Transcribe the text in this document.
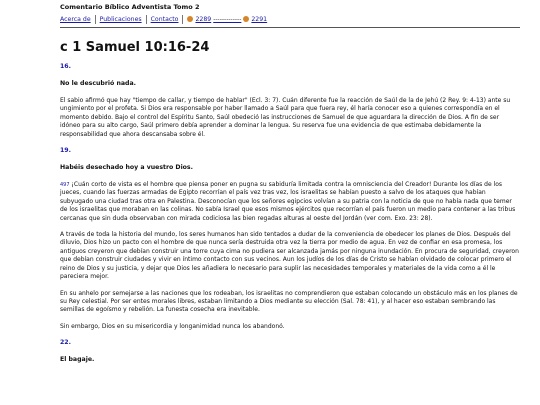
Comentario Bíblico Adventista Tomo 2
Acerca de	Publicaciones	Contacto	2289 ------------- 2291
c 1 Samuel 10:16-24
16.
No le descubrió nada.

El sabio afirmó que hay "tiempo de callar, y tiempo de hablar" (Ecl. 3: 7). Cuán diferente fue la reacción de Saúl de la de Jehú (2 Rey. 9: 4-13) ante su ungimiento por el profeta. Si Dios era responsable por haber llamado a Saúl para que fuera rey, él haría conocer eso a quienes correspondía en el momento debido. Bajo el control del Espíritu Santo, Saúl obedeció las instrucciones de Samuel de que aguardara la dirección de Dios. A fin de ser idóneo para su alto cargo, Saúl primero debía aprender a dominar la lengua. Su reserva fue una evidencia de que estimaba debidamente la responsabilidad que ahora descansaba sobre él.

19.
Habéis desechado hoy a vuestro Dios.

497 ¡Cuán corto de vista es el hombre que piensa poner en pugna su sabiduría limitada contra la omnisciencia del Creador! Durante los días de los jueces, cuando las fuerzas armadas de Egipto recorrían el país vez tras vez, los israelitas se habían puesto a salvo de los ataques que habían subyugado una ciudad tras otra en Palestina. Desconocían que los señores egipcios volvían a su patria con la noticia de que no había nada que temer de los israelitas que moraban en las colinas. No sabía Israel que esos mismos ejércitos que recorrían el país fueron un medio para contener a las tribus cercanas que sin duda observaban con mirada codiciosa las bien regadas alturas al oeste del Jordán (ver com. Exo. 23: 28).

A través de toda la historia del mundo, los seres humanos han sido tentados a dudar de la conveniencia de obedecer los planes de Dios. Después del diluvio, Dios hizo un pacto con el hombre de que nunca sería destruida otra vez la tierra por medio de agua. En vez de confiar en esa promesa, los antiguos creyeron que debían construir una torre cuya cima no pudiera ser alcanzada jamás por ninguna inundación. En procura de seguridad, creyeron que debían construir ciudades y vivir en íntimo contacto con sus vecinos. Aun los judíos de los días de Cristo se habían olvidado de colocar primero el reino de Dios y su justicia, y dejar que Dios les añadiera lo necesario para suplir las necesidades temporales y materiales de la vida como a él le pareciera mejor.

En su anhelo por semejarse a las naciones que los rodeaban, los israelitas no comprendieron que estaban colocando un obstáculo más en los planes de su Rey celestial. Por ser entes morales libres, estaban limitando a Dios mediante su elección (Sal. 78: 41), y al hacer eso estaban sembrando las semillas de egoísmo y rebelión. La funesta cosecha era inevitable.

Sin embargo, Dios en su misericordia y longanimidad nunca los abandonó.

22.
El bagaje.
